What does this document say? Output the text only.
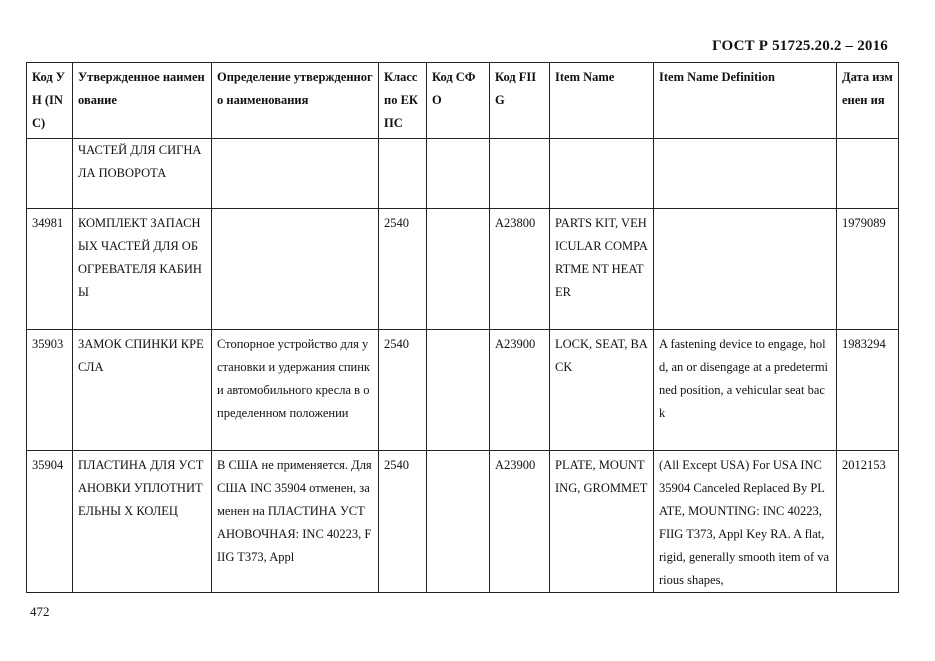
ГОСТ Р 51725.20.2 – 2016
Код УН (INC)	Утвержденное наименование	Определение утвержденного наименования	Класс по ЕКПС	Код СФО	Код FIIG	Item Name	Item Name Definition	Дата изменен ия
	ЧАСТЕЙ ДЛЯ СИГНАЛА ПОВОРОТА							
34981	КОМПЛЕКТ ЗАПАСНЫХ ЧАСТЕЙ ДЛЯ ОБОГРЕВАТЕЛЯ КАБИНЫ		2540		A23800	PARTS KIT, VEHICULAR COMPARTME NT HEATER		1979089
35903	ЗАМОК СПИНКИ КРЕСЛА	Стопорное устройство для установки и удержания спинки автомобильного кресла в определенном положении	2540		A23900	LOCK, SEAT, BACK	A fastening device to engage, hold, an or disengage at a predetermined position, a vehicular seat back	1983294
35904	ПЛАСТИНА ДЛЯ УСТАНОВКИ УПЛОТНИТЕЛЬНЫ Х КОЛЕЦ	В США не применяется. Для США INC 35904 отменен, заменен на ПЛАСТИНА УСТАНОВОЧНАЯ: INC 40223, FIIG T373, Appl	2540		A23900	PLATE, MOUNTING, GROMMET	(All Except USA) For USA INC 35904 Canceled Replaced By PLATE, MOUNTING: INC 40223, FIIG T373, Appl Key RA. A flat, rigid, generally smooth item of various shapes,	2012153
472
